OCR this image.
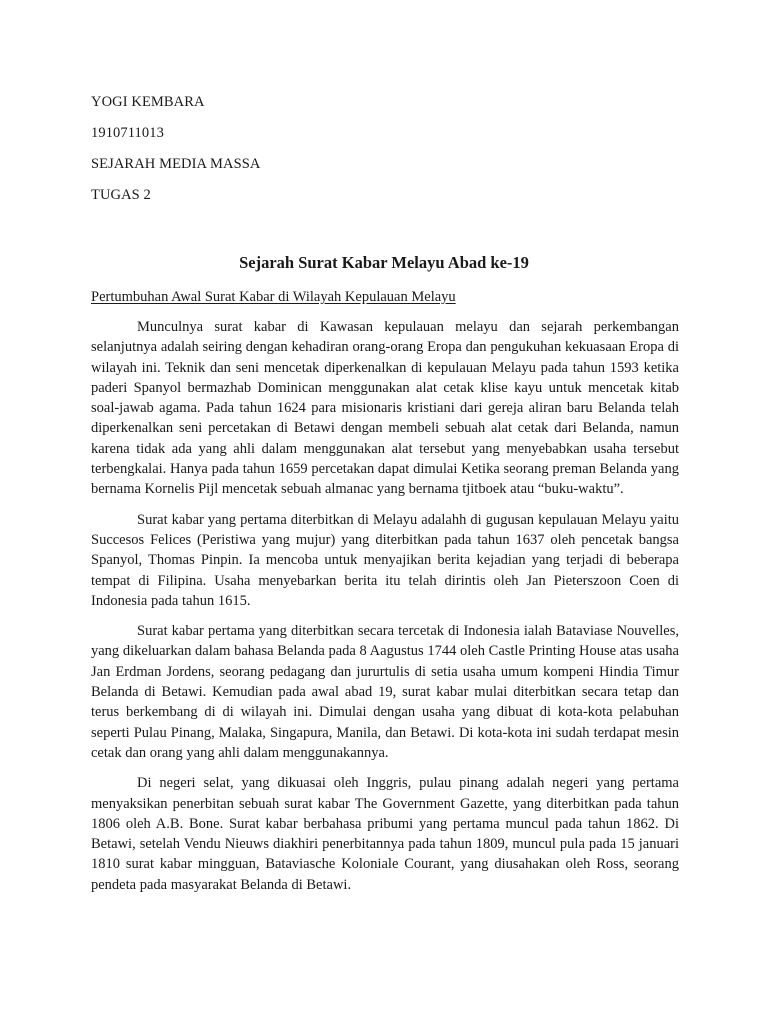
YOGI KEMBARA

1910711013

SEJARAH MEDIA MASSA

TUGAS 2

Sejarah Surat Kabar Melayu Abad ke-19
Pertumbuhan Awal Surat Kabar di Wilayah Kepulauan Melayu

Munculnya surat kabar di Kawasan kepulauan melayu dan sejarah perkembangan selanjutnya adalah seiring dengan kehadiran orang-orang Eropa dan pengukuhan kekuasaan Eropa di wilayah ini. Teknik dan seni mencetak diperkenalkan di kepulauan Melayu pada tahun 1593 ketika paderi Spanyol bermazhab Dominican menggunakan alat cetak klise kayu untuk mencetak kitab soal-jawab agama. Pada tahun 1624 para misionaris kristiani dari gereja aliran baru Belanda telah diperkenalkan seni percetakan di Betawi dengan membeli sebuah alat cetak dari Belanda, namun karena tidak ada yang ahli dalam menggunakan alat tersebut yang menyebabkan usaha tersebut terbengkalai. Hanya pada tahun 1659 percetakan dapat dimulai Ketika seorang preman Belanda yang bernama Kornelis Pijl mencetak sebuah almanac yang bernama tjitboek atau “buku-waktu”.

Surat kabar yang pertama diterbitkan di Melayu adalahh di gugusan kepulauan Melayu yaitu Succesos Felices (Peristiwa yang mujur) yang diterbitkan pada tahun 1637 oleh pencetak bangsa Spanyol, Thomas Pinpin. Ia mencoba untuk menyajikan berita kejadian yang terjadi di beberapa tempat di Filipina. Usaha menyebarkan berita itu telah dirintis oleh Jan Pieterszoon Coen di Indonesia pada tahun 1615.

Surat kabar pertama yang diterbitkan secara tercetak di Indonesia ialah Bataviase Nouvelles, yang dikeluarkan dalam bahasa Belanda pada 8 Aagustus 1744 oleh Castle Printing House atas usaha Jan Erdman Jordens, seorang pedagang dan jururtulis di setia usaha umum kompeni Hindia Timur Belanda di Betawi. Kemudian pada awal abad 19, surat kabar mulai diterbitkan secara tetap dan terus berkembang di di wilayah ini. Dimulai dengan usaha yang dibuat di kota-kota pelabuhan seperti Pulau Pinang, Malaka, Singapura, Manila, dan Betawi. Di kota-kota ini sudah terdapat mesin cetak dan orang yang ahli dalam menggunakannya.

Di negeri selat, yang dikuasai oleh Inggris, pulau pinang adalah negeri yang pertama menyaksikan penerbitan sebuah surat kabar The Government Gazette, yang diterbitkan pada tahun 1806 oleh A.B. Bone. Surat kabar berbahasa pribumi yang pertama muncul pada tahun 1862. Di Betawi, setelah Vendu Nieuws diakhiri penerbitannya pada tahun 1809, muncul pula pada 15 januari 1810 surat kabar mingguan, Bataviasche Koloniale Courant, yang diusahakan oleh Ross, seorang pendeta pada masyarakat Belanda di Betawi.
